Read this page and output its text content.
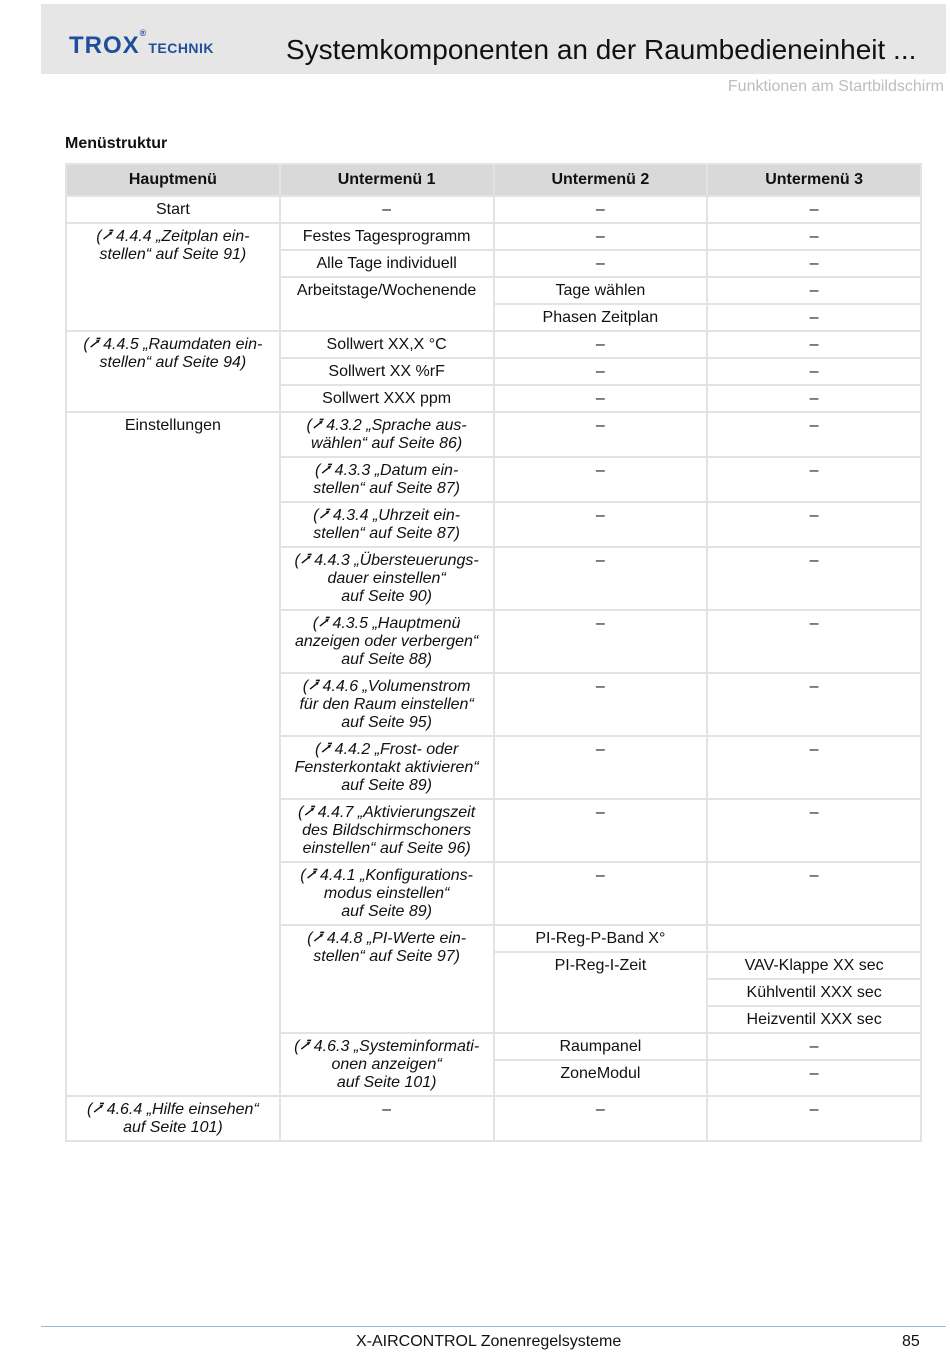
TROX®TECHNIK	Systemkomponenten an der Raumbedieneinheit ...
Funktionen am Startbildschirm
Menüstruktur
Hauptmenü	Untermenü 1	Untermenü 2	Untermenü 3
Start	–	–	–
(⭷ 4.4.4 „Zeitplan ein-
stellen“ auf Seite 91)	Festes Tagesprogramm	–	–
	Alle Tage individuell	–	–
	Arbeitstage/Wochenende	Tage wählen	–
		Phasen Zeitplan	–
(⭷ 4.4.5 „Raumdaten ein-
stellen“ auf Seite 94)	Sollwert XX,X °C	–	–
	Sollwert XX %rF	–	–
	Sollwert XXX ppm	–	–
Einstellungen	(⭷ 4.3.2 „Sprache aus-
wählen“ auf Seite 86)	–	–
	(⭷ 4.3.3 „Datum ein-
stellen“ auf Seite 87)	–	–
	(⭷ 4.3.4 „Uhrzeit ein-
stellen“ auf Seite 87)	–	–
	(⭷ 4.4.3 „Übersteuerungs-
dauer einstellen“
auf Seite 90)	–	–
	(⭷ 4.3.5 „Hauptmenü
anzeigen oder verbergen“
auf Seite 88)	–	–
	(⭷ 4.4.6 „Volumenstrom
für den Raum einstellen“
auf Seite 95)	–	–
	(⭷ 4.4.2 „Frost- oder
Fensterkontakt aktivieren“
auf Seite 89)	–	–
	(⭷ 4.4.7 „Aktivierungszeit
des Bildschirmschoners
einstellen“ auf Seite 96)	–	–
	(⭷ 4.4.1 „Konfigurations-
modus einstellen“
auf Seite 89)	–	–
	(⭷ 4.4.8 „PI-Werte ein-
stellen“ auf Seite 97)	PI-Reg-P-Band X°	
		PI-Reg-I-Zeit	VAV-Klappe XX sec
			Kühlventil XXX sec
			Heizventil XXX sec
	(⭷ 4.6.3 „Systeminformati-
onen anzeigen“
auf Seite 101)	Raumpanel	–
		ZoneModul	–

(⭷ 4.6.4 „Hilfe einsehen“
auf Seite 101)	–	–	–
X-AIRCONTROL Zonenregelsysteme	85
